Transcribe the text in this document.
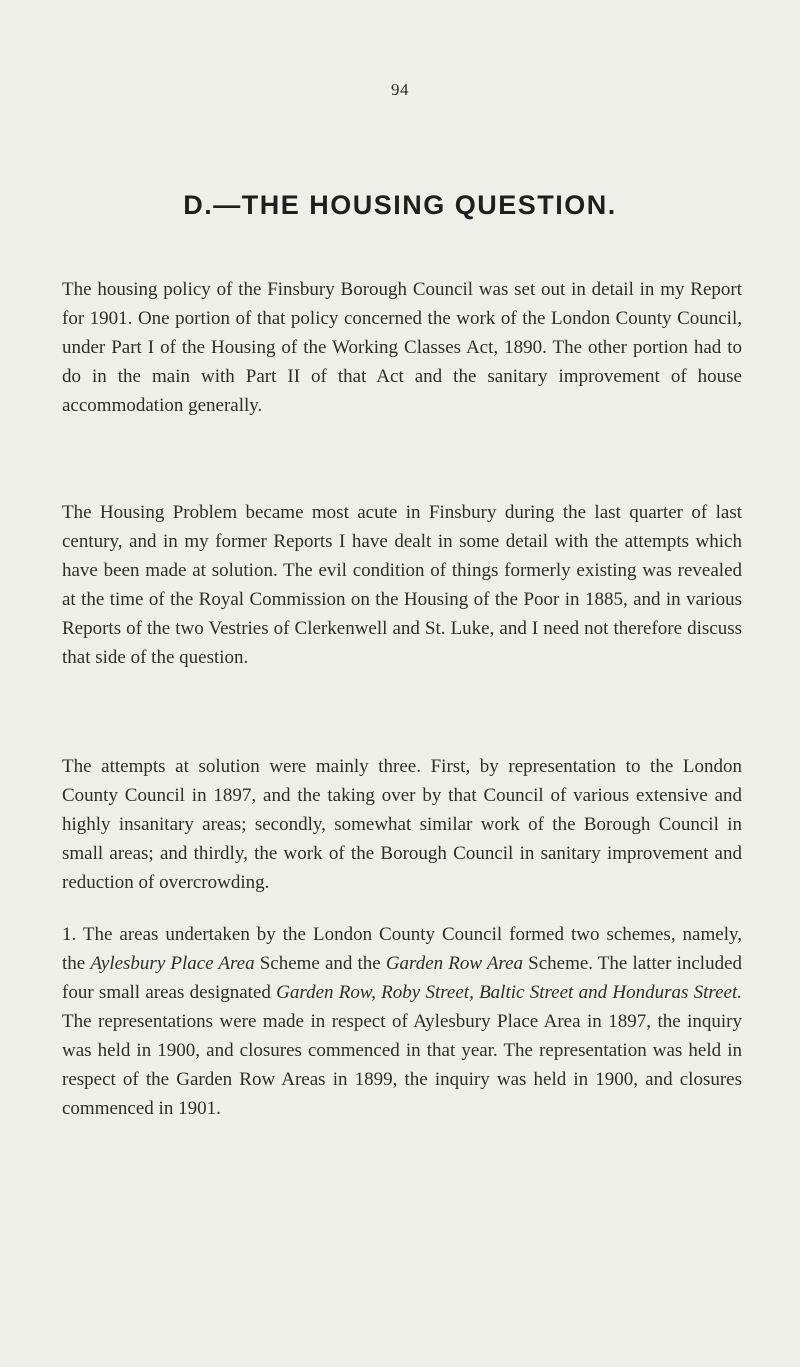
94
D.—THE HOUSING QUESTION.

The housing policy of the Finsbury Borough Council was set out in detail in my Report for 1901. One portion of that policy concerned the work of the London County Council, under Part I of the Housing of the Working Classes Act, 1890. The other portion had to do in the main with Part II of that Act and the sanitary improvement of house accommodation generally.

The Housing Problem became most acute in Finsbury during the last quarter of last century, and in my former Reports I have dealt in some detail with the attempts which have been made at solution. The evil condition of things formerly existing was revealed at the time of the Royal Commission on the Housing of the Poor in 1885, and in various Reports of the two Vestries of Clerkenwell and St. Luke, and I need not therefore discuss that side of the question.

The attempts at solution were mainly three. First, by representation to the London County Council in 1897, and the taking over by that Council of various extensive and highly insanitary areas; secondly, somewhat similar work of the Borough Council in small areas; and thirdly, the work of the Borough Council in sanitary improvement and reduction of overcrowding.

1. The areas undertaken by the London County Council formed two schemes, namely, the Aylesbury Place Area Scheme and the Garden Row Area Scheme. The latter included four small areas designated Garden Row, Roby Street, Baltic Street and Honduras Street. The representations were made in respect of Aylesbury Place Area in 1897, the inquiry was held in 1900, and closures commenced in that year. The representation was held in respect of the Garden Row Areas in 1899, the inquiry was held in 1900, and closures commenced in 1901.
